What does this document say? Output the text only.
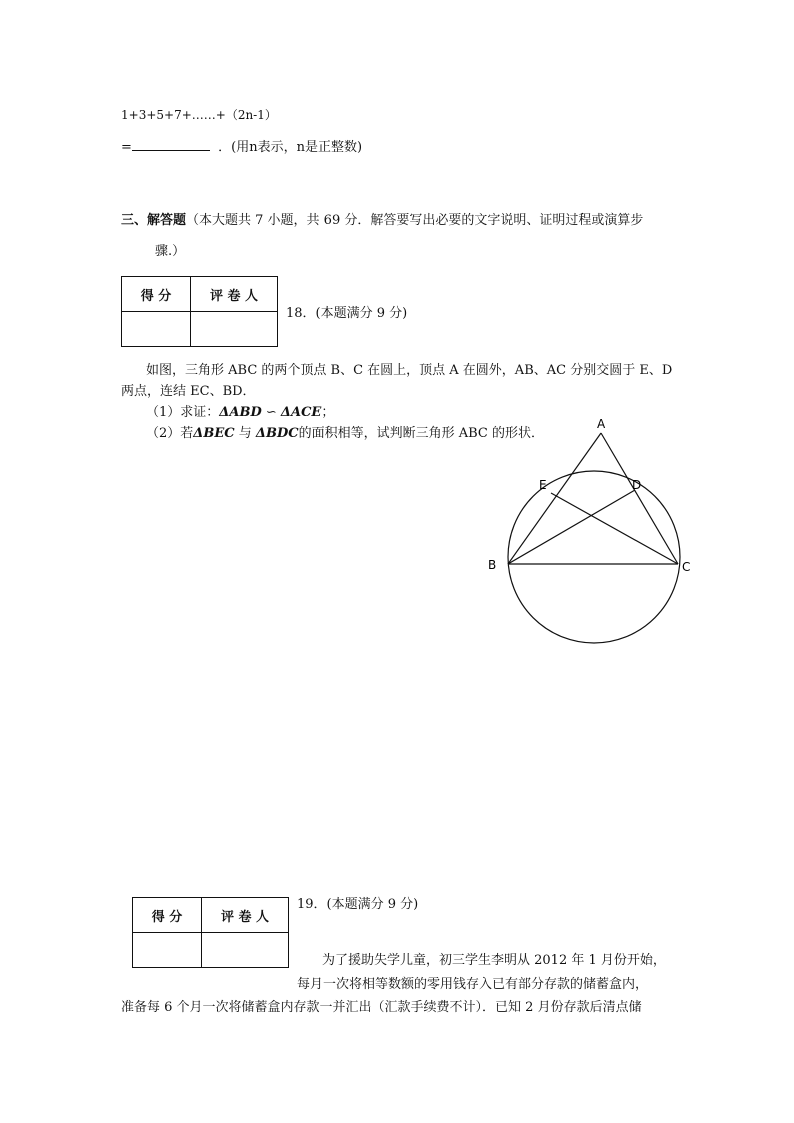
1+3+5+7+……+（2n-1）
=	．(用n表示，n是正整数)
三、解答题（本大题共 7 小题，共 69 分．解答要写出必要的文字说明、证明过程或演算步
骤.）
得 分	评 卷 人

18．(本题满分 9 分)
如图，三角形 ABC 的两个顶点 B、C 在圆上，顶点 A 在圆外，AB、AC 分别交圆于 E、D
两点，连结 EC、BD．
（1）求证：ΔABD ∽ ΔACE；
（2）若ΔBEC 与 ΔBDC的面积相等，试判断三角形 ABC 的形状．
A
E	D
B	C
得 分	评 卷 人

19．(本题满分 9 分)
为了援助失学儿童，初三学生李明从 2012 年 1 月份开始，
每月一次将相等数额的零用钱存入已有部分存款的储蓄盒内，
准备每 6 个月一次将储蓄盒内存款一并汇出（汇款手续费不计）．已知 2 月份存款后清点储
